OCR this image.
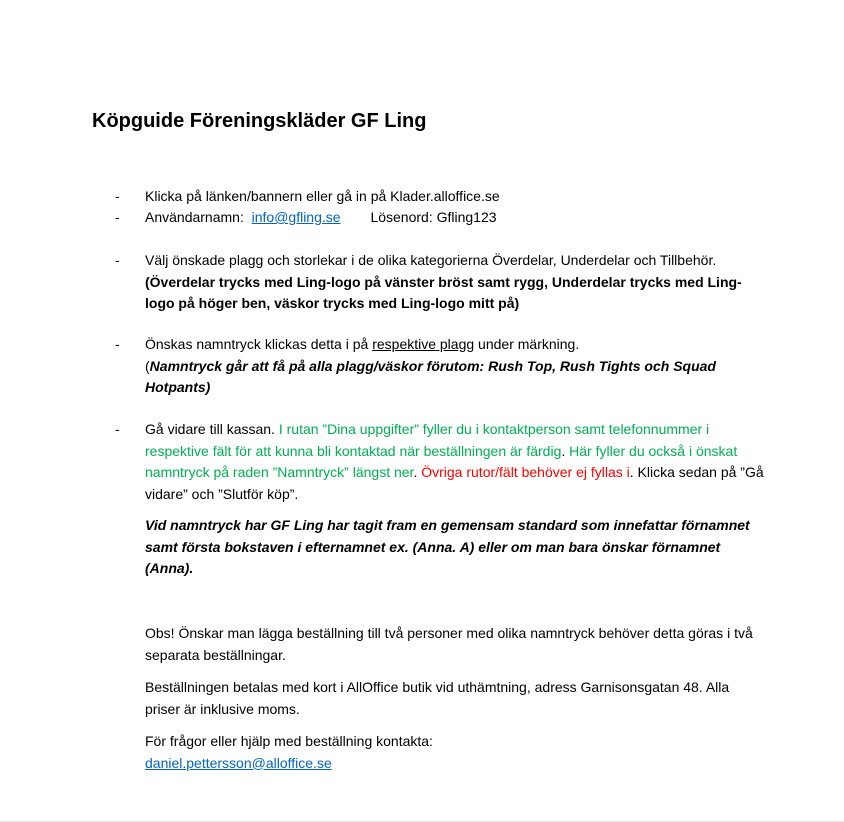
Köpguide Föreningskläder GF Ling
-	Klicka på länken/bannern eller gå in på Klader.alloffice.se
-	Användarnamn: info@gfling.se Lösenord: Gfling123
-	Välj önskade plagg och storlekar i de olika kategorierna Överdelar, Underdelar och Tillbehör.
(Överdelar trycks med Ling-logo på vänster bröst samt rygg, Underdelar trycks med Ling-logo på höger ben, väskor trycks med Ling-logo mitt på)
-	Önskas namntryck klickas detta i på respektive plagg under märkning.
(Namntryck går att få på alla plagg/väskor förutom: Rush Top, Rush Tights och Squad Hotpants)
-	Gå vidare till kassan. I rutan ”Dina uppgifter” fyller du i kontaktperson samt telefonnummer i respektive fält för att kunna bli kontaktad när beställningen är färdig. Här fyller du också i önskat namntryck på raden ”Namntryck” längst ner. Övriga rutor/fält behöver ej fyllas i. Klicka sedan på ”Gå vidare” och ”Slutför köp”.

Vid namntryck har GF Ling har tagit fram en gemensam standard som innefattar förnamnet samt första bokstaven i efternamnet ex. (Anna. A) eller om man bara önskar förnamnet (Anna).

Obs! Önskar man lägga beställning till två personer med olika namntryck behöver detta göras i två separata beställningar.

Beställningen betalas med kort i AllOffice butik vid uthämtning, adress Garnisonsgatan 48. Alla priser är inklusive moms.

För frågor eller hjälp med beställning kontakta:
daniel.pettersson@alloffice.se
